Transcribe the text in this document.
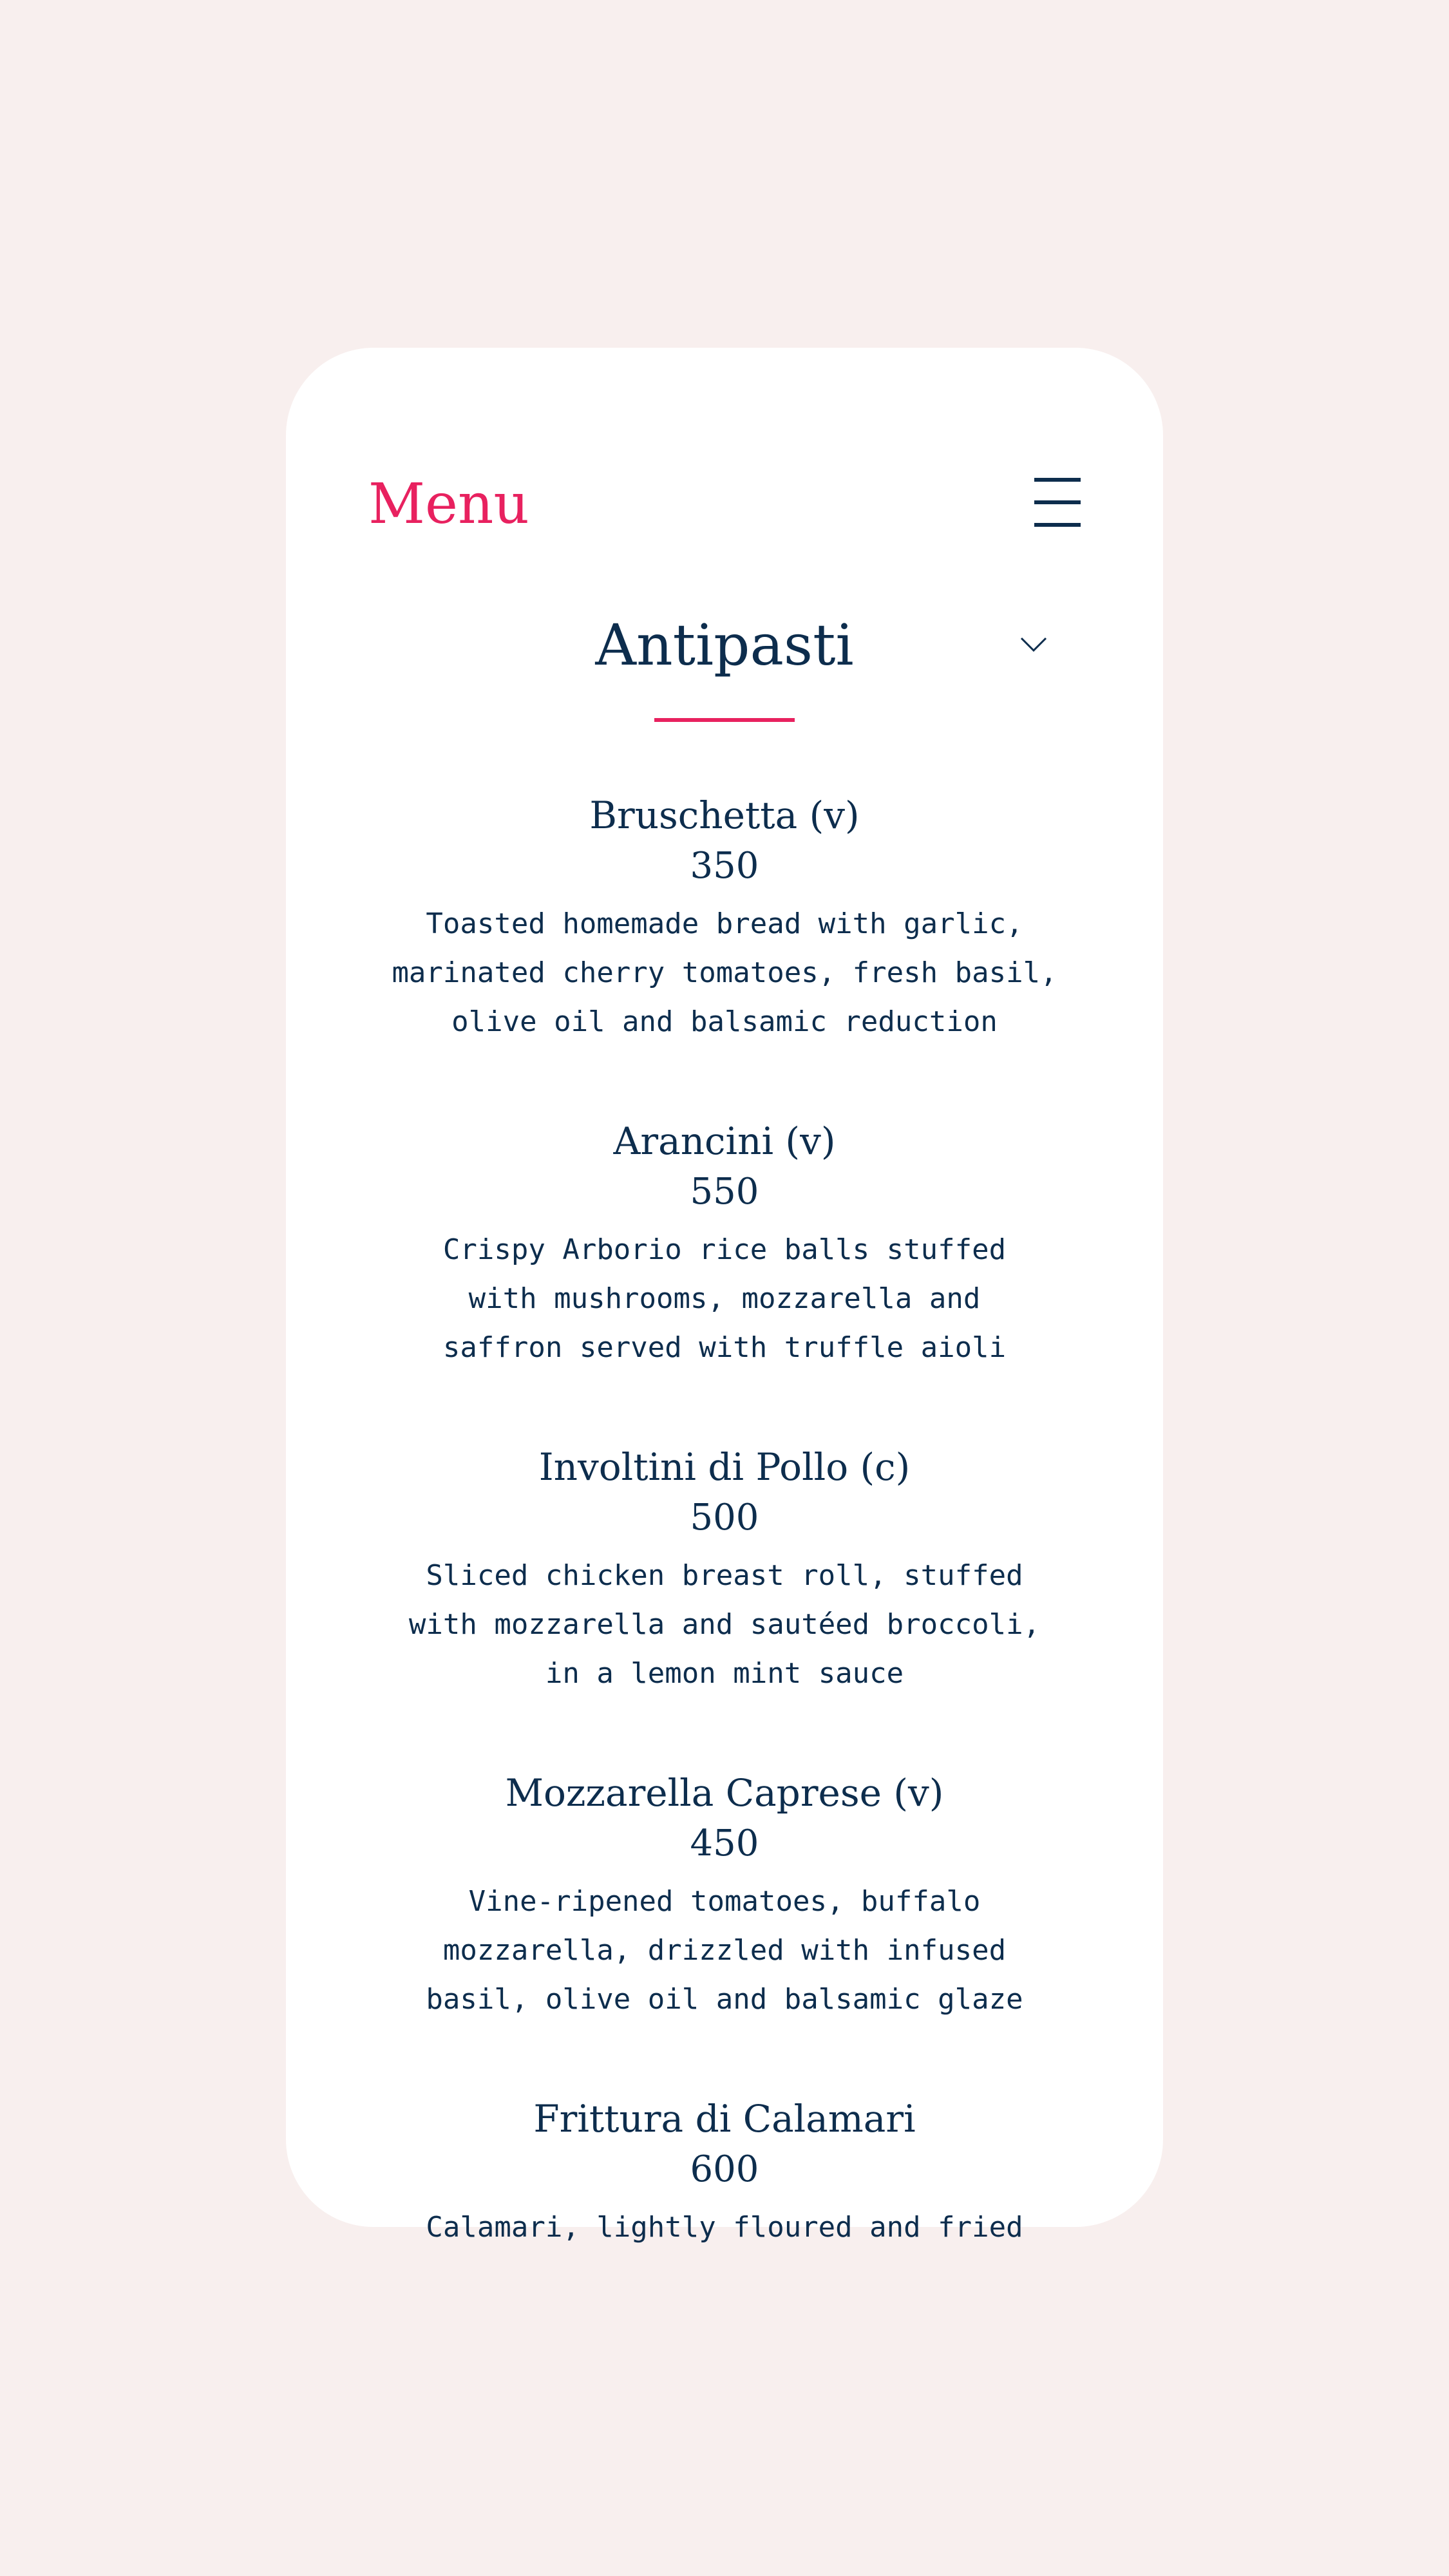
Menu
Antipasti
Bruschetta (v)
350
Toasted homemade bread with garlic,
marinated cherry tomatoes, fresh basil,
olive oil and balsamic reduction
Arancini (v)
550
Crispy Arborio rice balls stuffed
with mushrooms, mozzarella and
saffron served with truffle aioli
Involtini di Pollo (c)
500
Sliced chicken breast roll, stuffed
with mozzarella and sautéed broccoli,
in a lemon mint sauce
Mozzarella Caprese (v)
450
Vine-ripened tomatoes, buffalo
mozzarella, drizzled with infused
basil, olive oil and balsamic glaze
Frittura di Calamari
600
Calamari, lightly floured and fried
